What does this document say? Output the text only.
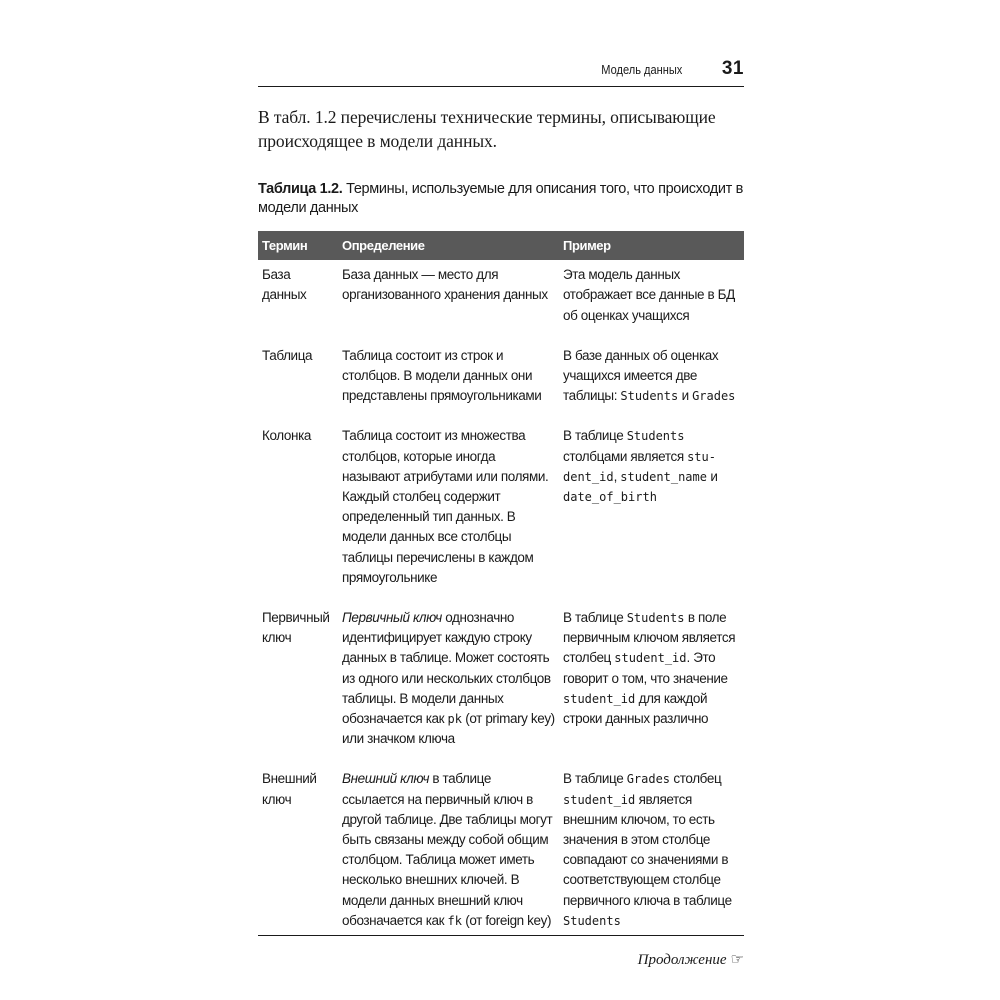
Модель данных 31

В табл. 1.2 перечислены технические термины, описывающие происходящее в модели данных.

Таблица 1.2. Термины, используемые для описания того, что происходит в модели данных

Термин	Определение	Пример
База данных	База данных — место для организованного хранения данных	Эта модель данных отображает все данные в БД об оценках учащихся
Таблица	Таблица состоит из строк и столбцов. В модели данных они представлены прямоугольниками	В базе данных об оценках учащихся имеется две таблицы: Students и Grades
Колонка	Таблица состоит из множества столбцов, которые иногда называют атрибутами или полями. Каждый столбец содержит определенный тип данных. В модели данных все столбцы таблицы перечислены в каждом прямоугольнике	В таблице Students столбцами является stu-dent_id, student_name и date_of_birth
Первичный ключ	Первичный ключ однозначно идентифицирует каждую строку данных в таблице. Может состоять из одного или нескольких столбцов таблицы. В модели данных обозначается как pk (от primary key) или значком ключа	В таблице Students в поле первичным ключом является столбец student_id. Это говорит о том, что значение student_id для каждой строки данных различно
Внешний ключ	Внешний ключ в таблице ссылается на первичный ключ в другой таблице. Две таблицы могут быть связаны между собой общим столбцом. Таблица может иметь несколько внешних ключей. В модели данных внешний ключ обозначается как fk (от foreign key)	В таблице Grades столбец student_id является внешним ключом, то есть значения в этом столбце совпадают со значениями в соответствующем столбце первичного ключа в таблице Students
Продолжение ☞
